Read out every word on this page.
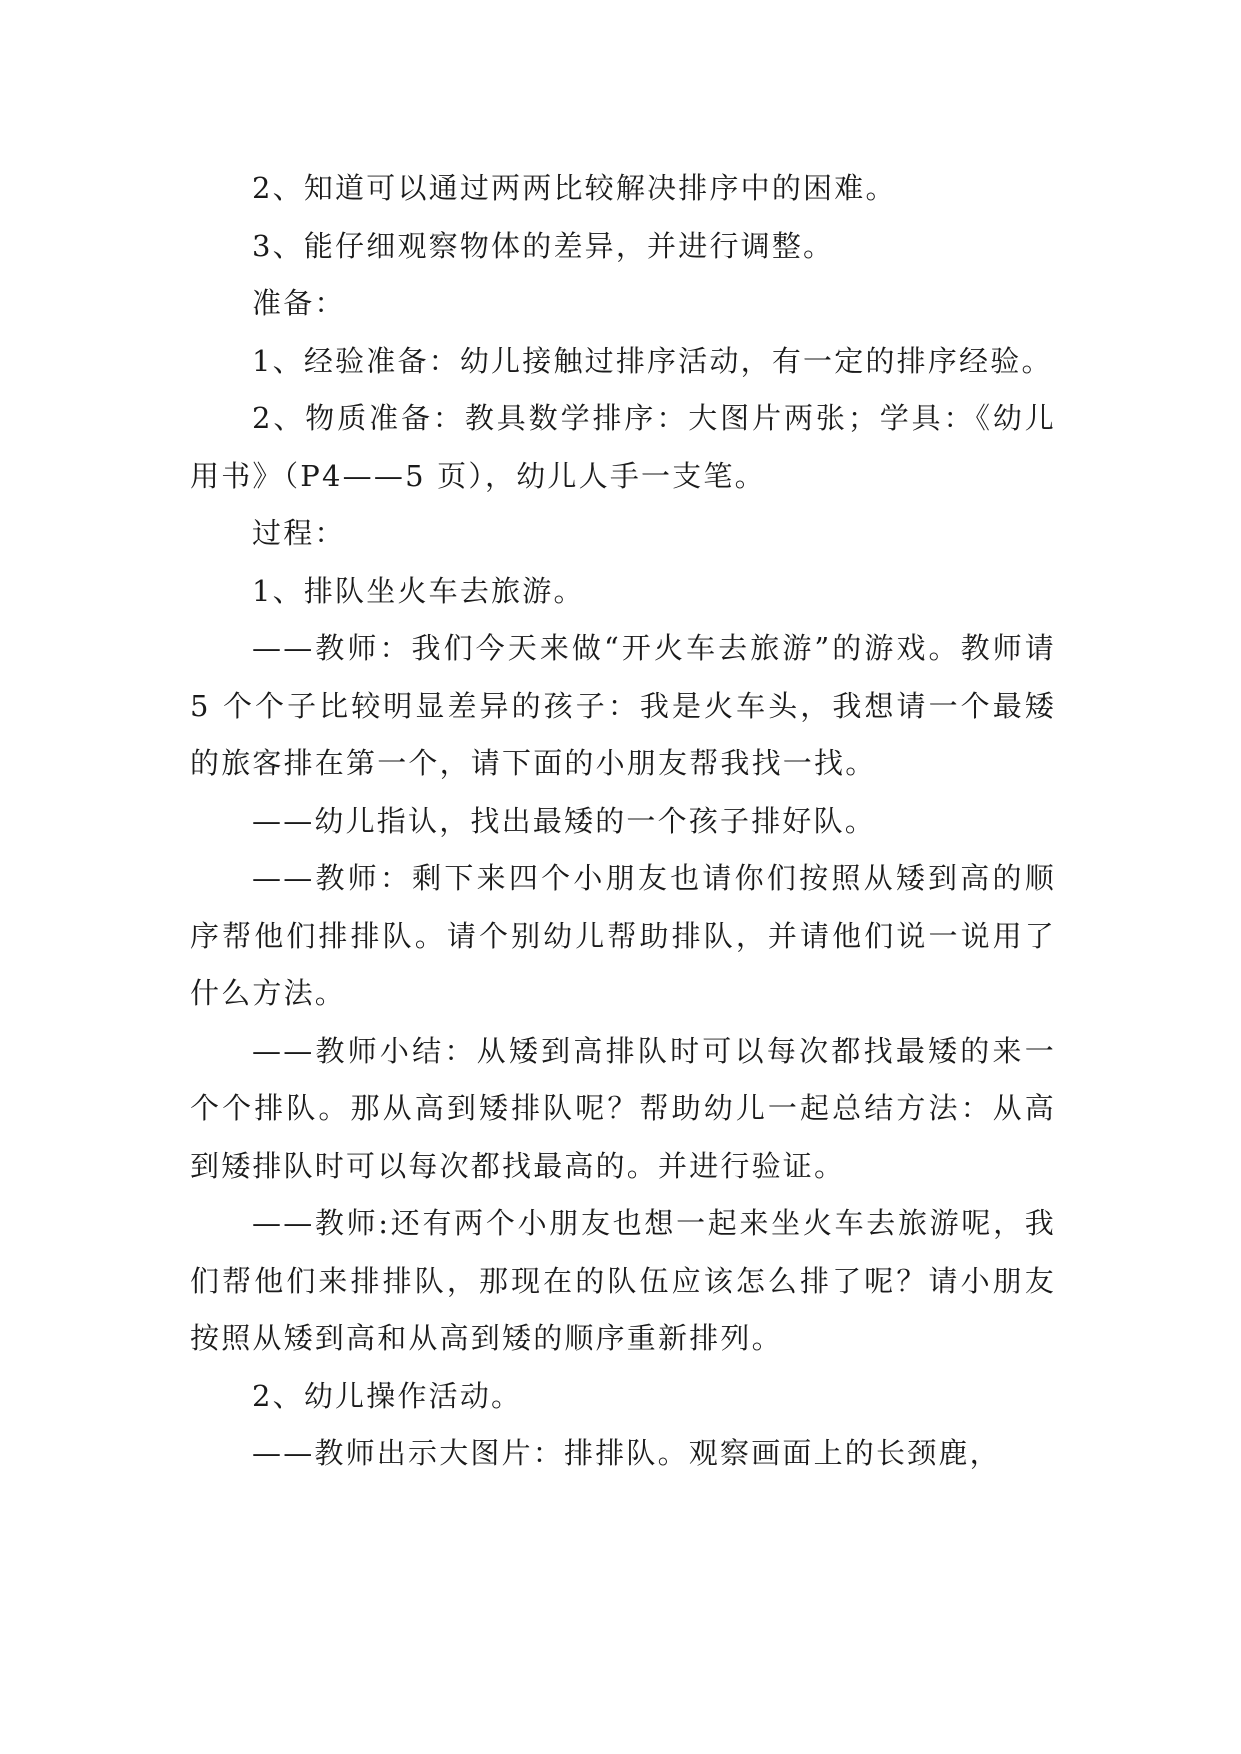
2、知道可以通过两两比较解决排序中的困难。

3、能仔细观察物体的差异，并进行调整。

准备：

1、经验准备：幼儿接触过排序活动，有一定的排序经验。

2、物质准备：教具数学排序：大图片两张；学具：《幼儿用书》（P4——5 页），幼儿人手一支笔。

过程：

1、排队坐火车去旅游。

——教师：我们今天来做“开火车去旅游”的游戏。教师请 5 个个子比较明显差异的孩子：我是火车头，我想请一个最矮的旅客排在第一个，请下面的小朋友帮我找一找。

——幼儿指认，找出最矮的一个孩子排好队。

——教师：剩下来四个小朋友也请你们按照从矮到高的顺序帮他们排排队。请个别幼儿帮助排队，并请他们说一说用了什么方法。

——教师小结：从矮到高排队时可以每次都找最矮的来一个个排队。那从高到矮排队呢？帮助幼儿一起总结方法：从高到矮排队时可以每次都找最高的。并进行验证。

——教师:还有两个小朋友也想一起来坐火车去旅游呢，我们帮他们来排排队，那现在的队伍应该怎么排了呢？请小朋友按照从矮到高和从高到矮的顺序重新排列。

2、幼儿操作活动。

——教师出示大图片：排排队。观察画面上的长颈鹿，
